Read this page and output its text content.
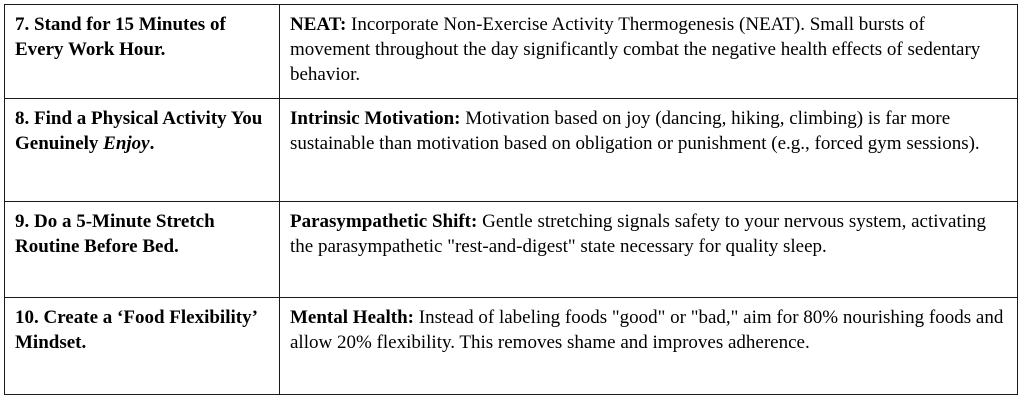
7. Stand for 15 Minutes of Every Work Hour.	NEAT: Incorporate Non-Exercise Activity Thermogenesis (NEAT). Small bursts of movement throughout the day significantly combat the negative health effects of sedentary behavior.
8. Find a Physical Activity You Genuinely Enjoy.	Intrinsic Motivation: Motivation based on joy (dancing, hiking, climbing) is far more sustainable than motivation based on obligation or punishment (e.g., forced gym sessions).
9. Do a 5-Minute Stretch Routine Before Bed.	Parasympathetic Shift: Gentle stretching signals safety to your nervous system, activating the parasympathetic "rest-and-digest" state necessary for quality sleep.
10. Create a ‘Food Flexibility’ Mindset.	Mental Health: Instead of labeling foods "good" or "bad," aim for 80% nourishing foods and allow 20% flexibility. This removes shame and improves adherence.
